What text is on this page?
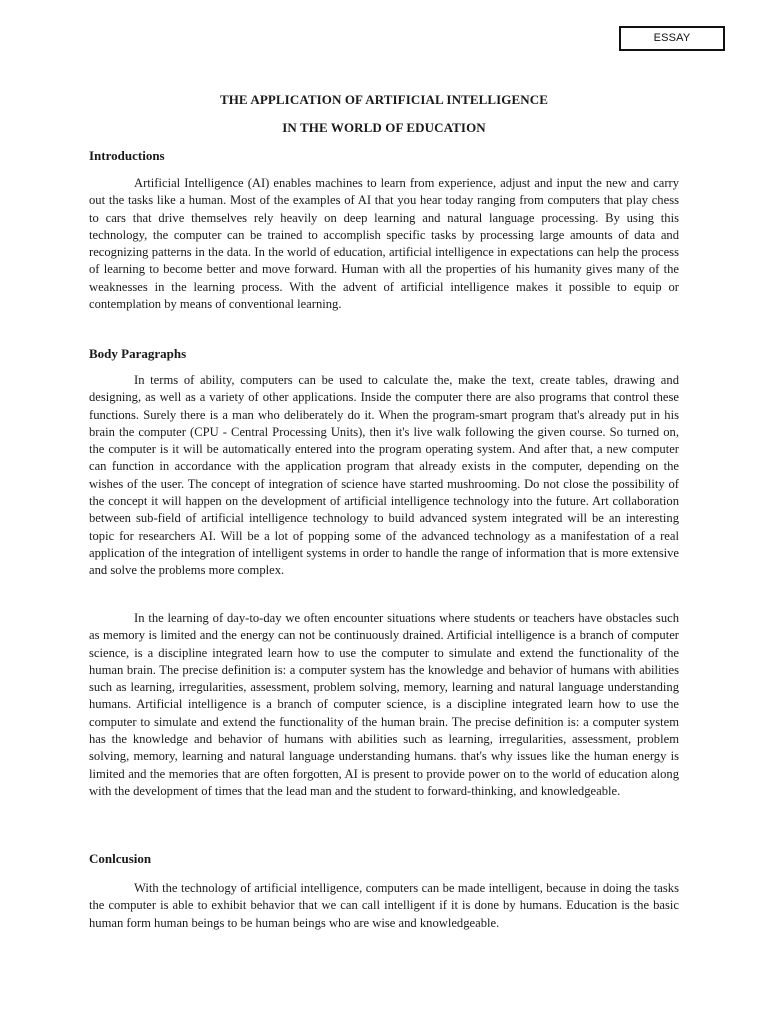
ESSAY
THE APPLICATION OF ARTIFICIAL INTELLIGENCE
IN THE WORLD OF EDUCATION
Introductions

Artificial Intelligence (AI) enables machines to learn from experience, adjust and input the new and carry out the tasks like a human. Most of the examples of AI that you hear today ranging from computers that play chess to cars that drive themselves rely heavily on deep learning and natural language processing. By using this technology, the computer can be trained to accomplish specific tasks by processing large amounts of data and recognizing patterns in the data. In the world of education, artificial intelligence in expectations can help the process of learning to become better and move forward. Human with all the properties of his humanity gives many of the weaknesses in the learning process. With the advent of artificial intelligence makes it possible to equip or contemplation by means of conventional learning.

Body Paragraphs

In terms of ability, computers can be used to calculate the, make the text, create tables, drawing and designing, as well as a variety of other applications. Inside the computer there are also programs that control these functions. Surely there is a man who deliberately do it. When the program-smart program that's already put in his brain the computer (CPU - Central Processing Units), then it's live walk following the given course. So turned on, the computer is it will be automatically entered into the program operating system. And after that, a new computer can function in accordance with the application program that already exists in the computer, depending on the wishes of the user. The concept of integration of science have started mushrooming. Do not close the possibility of the concept it will happen on the development of artificial intelligence technology into the future. Art collaboration between sub-field of artificial intelligence technology to build advanced system integrated will be an interesting topic for researchers AI. Will be a lot of popping some of the advanced technology as a manifestation of a real application of the integration of intelligent systems in order to handle the range of information that is more extensive and solve the problems more complex.

In the learning of day-to-day we often encounter situations where students or teachers have obstacles such as memory is limited and the energy can not be continuously drained. Artificial intelligence is a branch of computer science, is a discipline integrated learn how to use the computer to simulate and extend the functionality of the human brain. The precise definition is: a computer system has the knowledge and behavior of humans with abilities such as learning, irregularities, assessment, problem solving, memory, learning and natural language understanding humans. Artificial intelligence is a branch of computer science, is a discipline integrated learn how to use the computer to simulate and extend the functionality of the human brain. The precise definition is: a computer system has the knowledge and behavior of humans with abilities such as learning, irregularities, assessment, problem solving, memory, learning and natural language understanding humans. that's why issues like the human energy is limited and the memories that are often forgotten, AI is present to provide power on to the world of education along with the development of times that the lead man and the student to forward-thinking, and knowledgeable.

Conlcusion

With the technology of artificial intelligence, computers can be made intelligent, because in doing the tasks the computer is able to exhibit behavior that we can call intelligent if it is done by humans. Education is the basic human form human beings to be human beings who are wise and knowledgeable.
